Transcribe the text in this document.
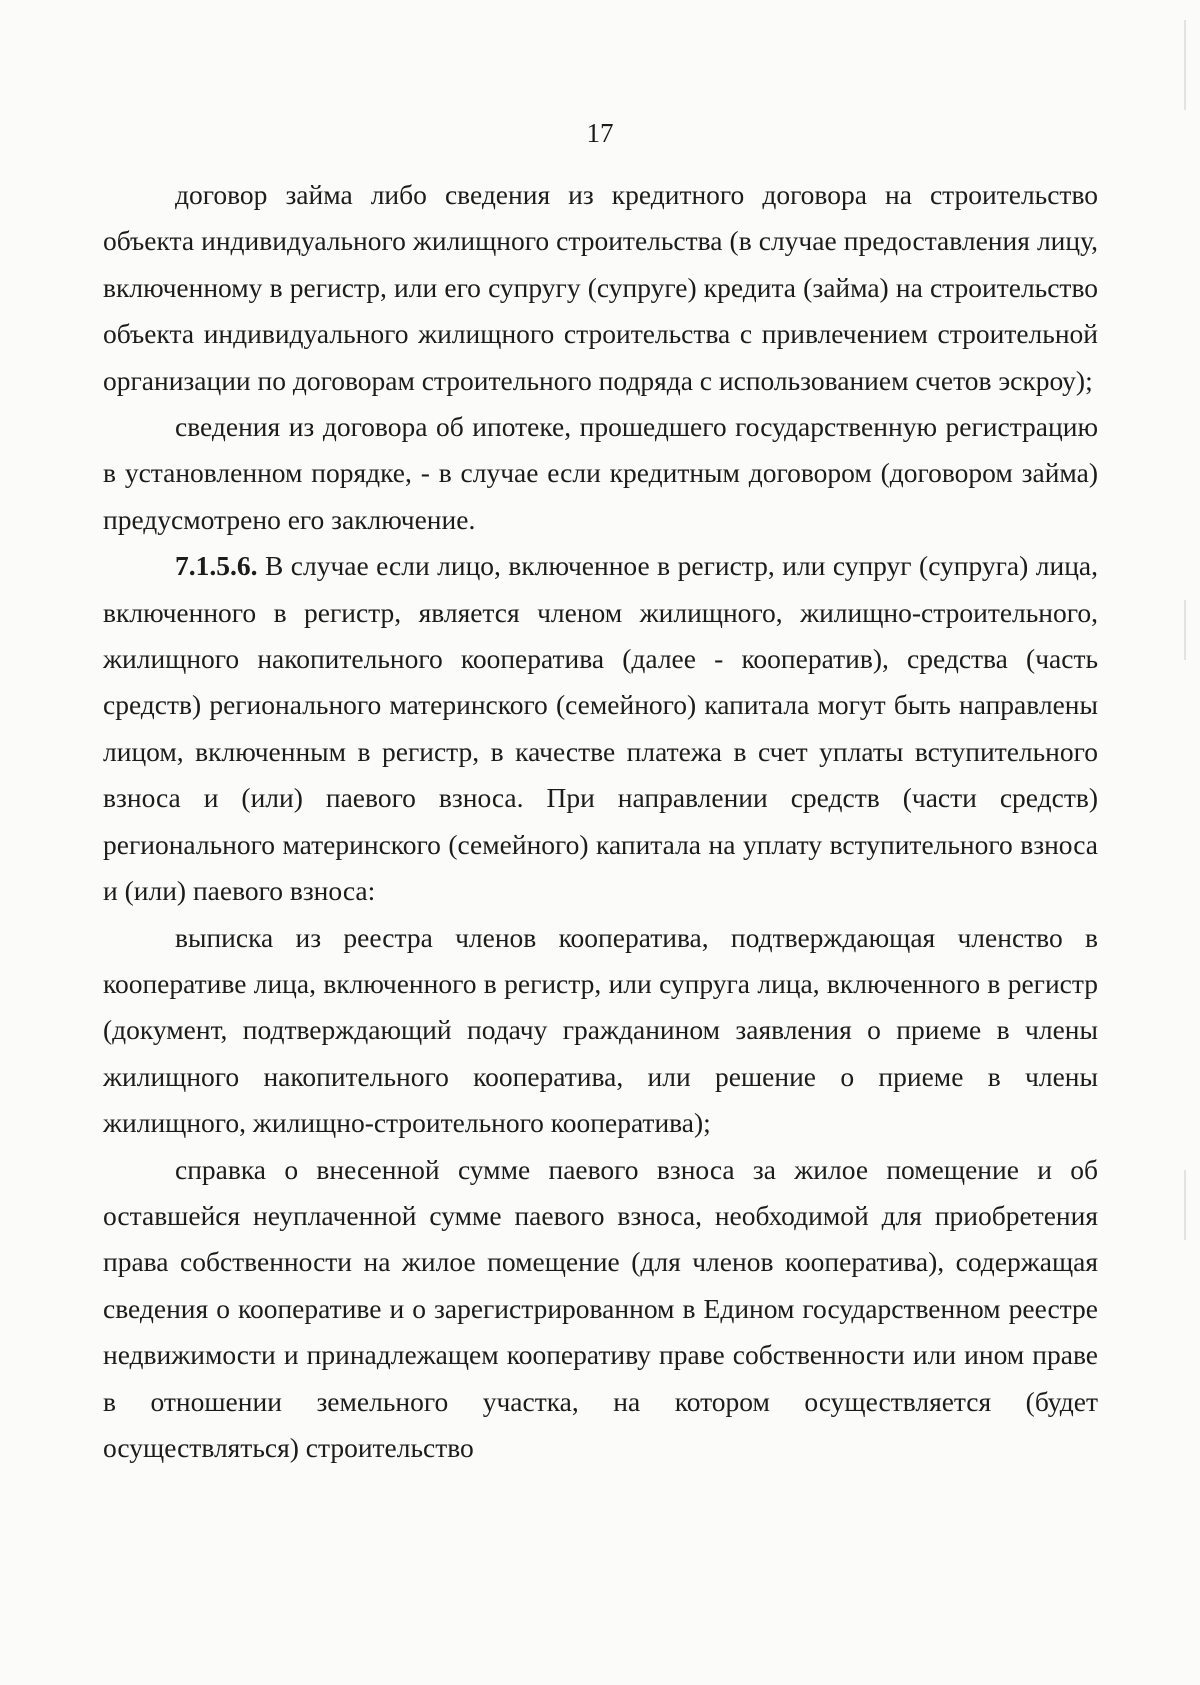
17

договор займа либо сведения из кредитного договора на строительство объекта индивидуального жилищного строительства (в случае предоставления лицу, включенному в регистр, или его супругу (супруге) кредита (займа) на строительство объекта индивидуального жилищного строительства с привлечением строительной организации по договорам строительного подряда с использованием счетов эскроу);

сведения из договора об ипотеке, прошедшего государственную регистрацию в установленном порядке, - в случае если кредитным договором (договором займа) предусмотрено его заключение.

7.1.5.6. В случае если лицо, включенное в регистр, или супруг (супруга) лица, включенного в регистр, является членом жилищного, жилищно-строительного, жилищного накопительного кооператива (далее - кооператив), средства (часть средств) регионального материнского (семейного) капитала могут быть направлены лицом, включенным в регистр, в качестве платежа в счет уплаты вступительного взноса и (или) паевого взноса. При направлении средств (части средств) регионального материнского (семейного) капитала на уплату вступительного взноса и (или) паевого взноса:

выписка из реестра членов кооператива, подтверждающая членство в кооперативе лица, включенного в регистр, или супруга лица, включенного в регистр (документ, подтверждающий подачу гражданином заявления о приеме в члены жилищного накопительного кооператива, или решение о приеме в члены жилищного, жилищно-строительного кооператива);

справка о внесенной сумме паевого взноса за жилое помещение и об оставшейся неуплаченной сумме паевого взноса, необходимой для приобретения права собственности на жилое помещение (для членов кооператива), содержащая сведения о кооперативе и о зарегистрированном в Едином государственном реестре недвижимости и принадлежащем кооперативу праве собственности или ином праве в отношении земельного участка, на котором осуществляется (будет осуществляться) строительство
